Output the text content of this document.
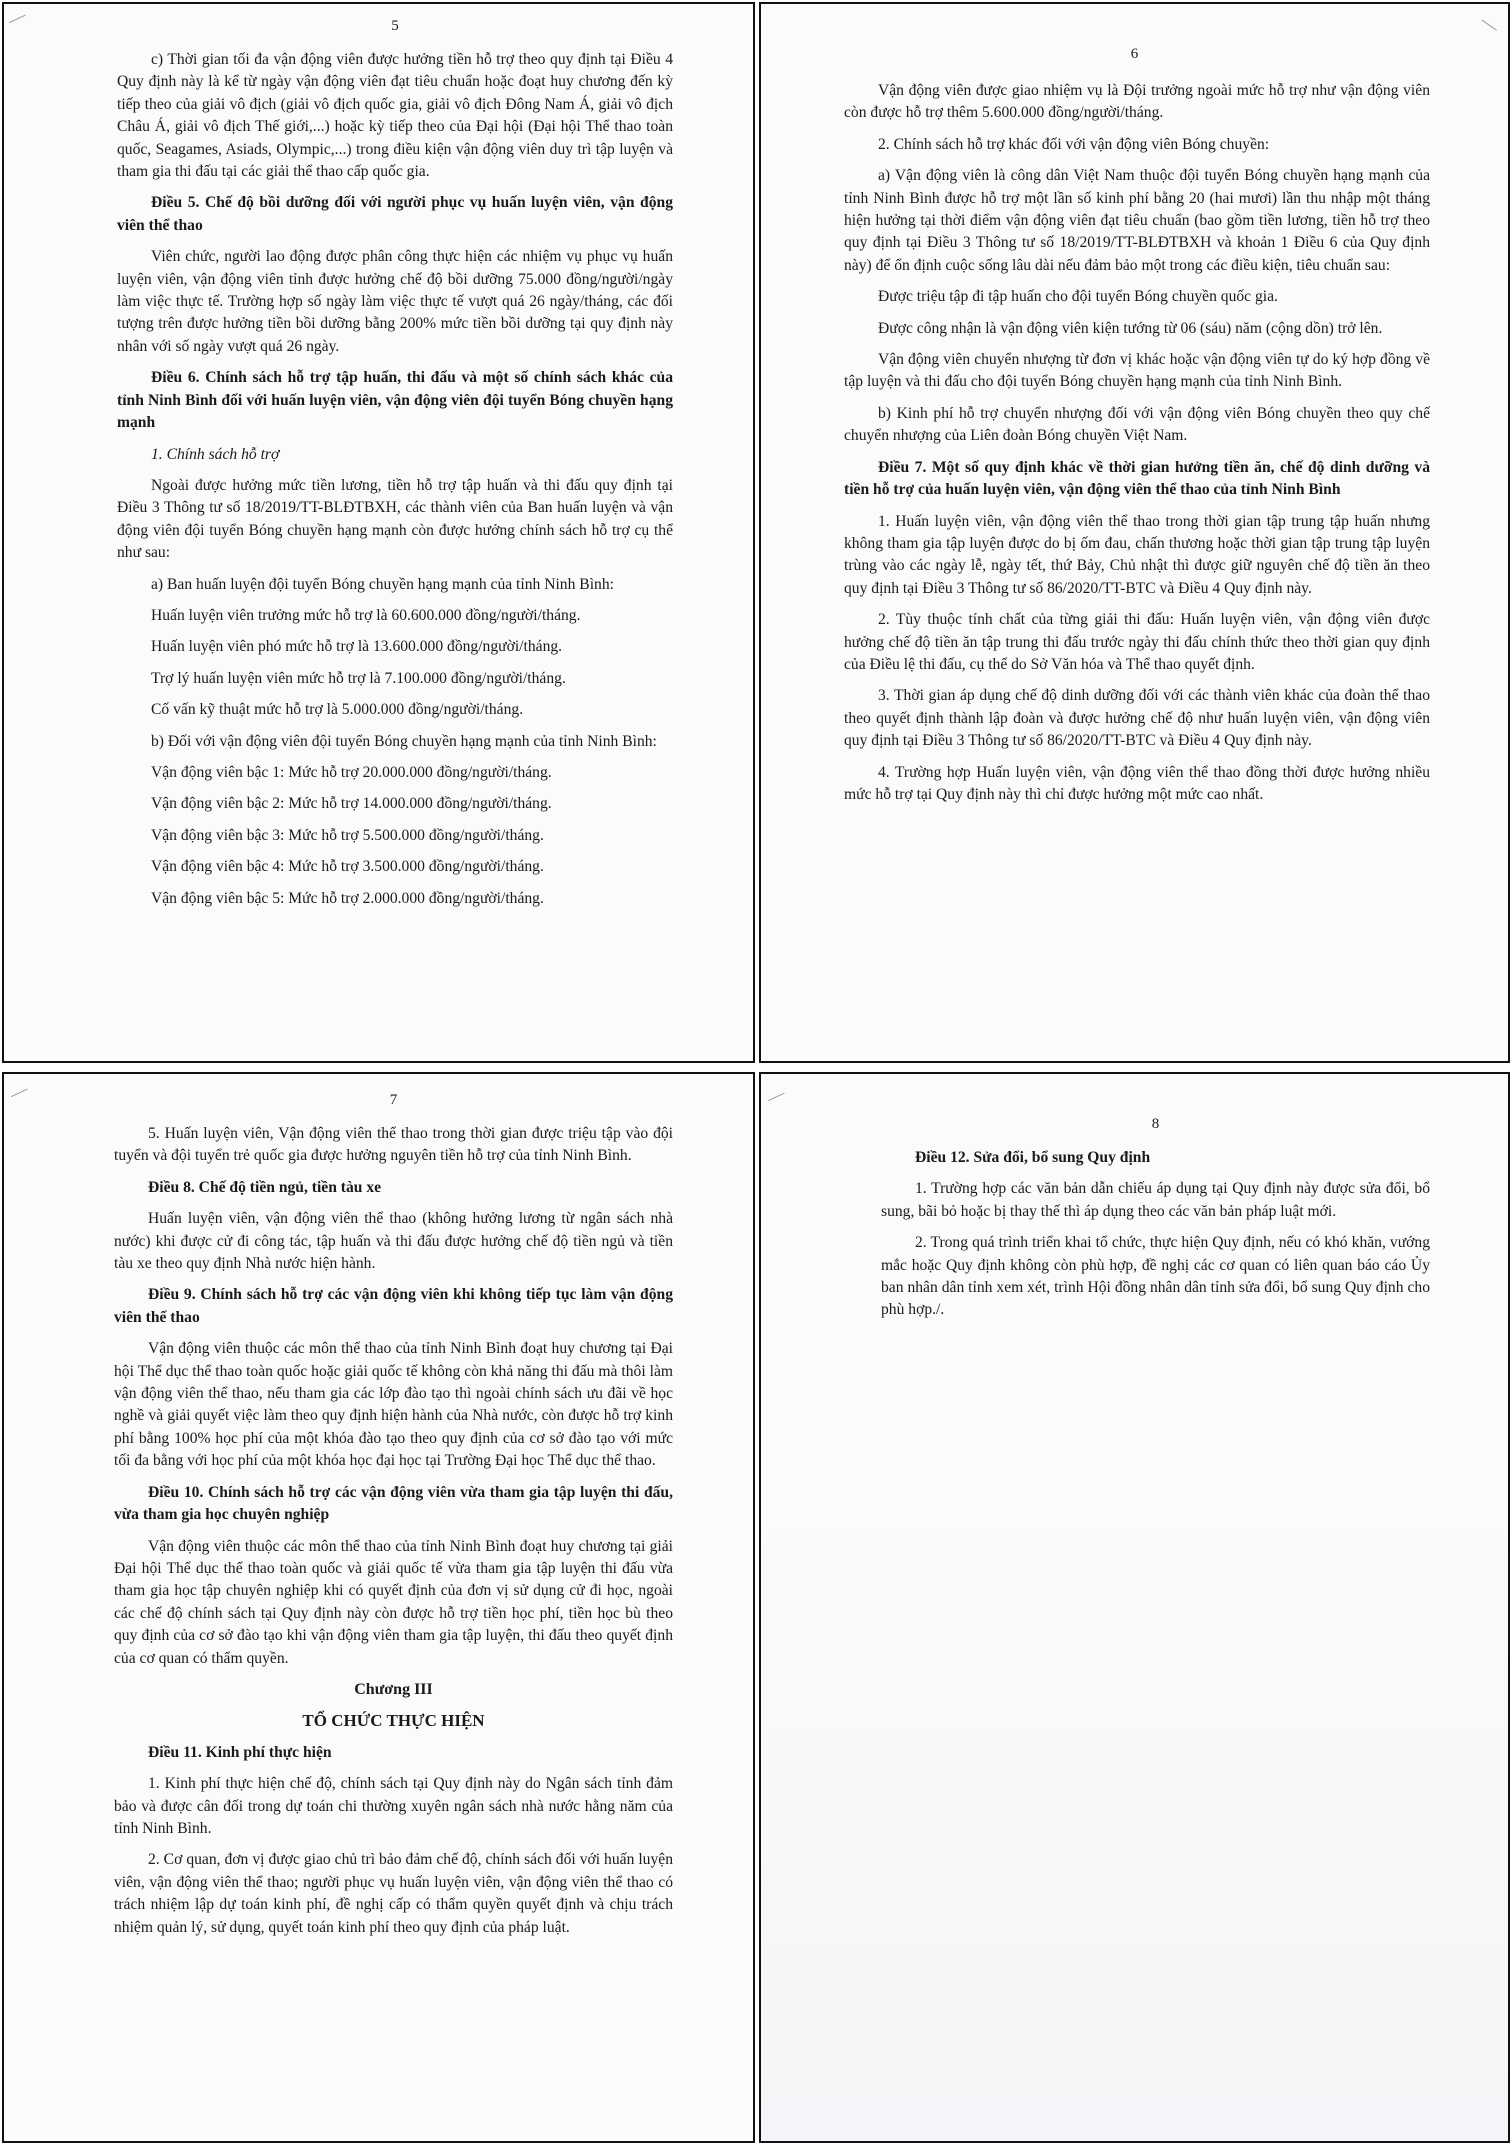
5

c) Thời gian tối đa vận động viên được hưởng tiền hỗ trợ theo quy định tại Điều 4 Quy định này là kể từ ngày vận động viên đạt tiêu chuẩn hoặc đoạt huy chương đến kỳ tiếp theo của giải vô địch (giải vô địch quốc gia, giải vô địch Đông Nam Á, giải vô địch Châu Á, giải vô địch Thế giới,...) hoặc kỳ tiếp theo của Đại hội (Đại hội Thể thao toàn quốc, Seagames, Asiads, Olympic,...) trong điều kiện vận động viên duy trì tập luyện và tham gia thi đấu tại các giải thể thao cấp quốc gia.

Điều 5. Chế độ bồi dưỡng đối với người phục vụ huấn luyện viên, vận động viên thể thao

Viên chức, người lao động được phân công thực hiện các nhiệm vụ phục vụ huấn luyện viên, vận động viên tỉnh được hưởng chế độ bồi dưỡng 75.000 đồng/người/ngày làm việc thực tế. Trường hợp số ngày làm việc thực tế vượt quá 26 ngày/tháng, các đối tượng trên được hưởng tiền bồi dưỡng bằng 200% mức tiền bồi dưỡng tại quy định này nhân với số ngày vượt quá 26 ngày.

Điều 6. Chính sách hỗ trợ tập huấn, thi đấu và một số chính sách khác của tỉnh Ninh Bình đối với huấn luyện viên, vận động viên đội tuyển Bóng chuyền hạng mạnh

1. Chính sách hỗ trợ

Ngoài được hưởng mức tiền lương, tiền hỗ trợ tập huấn và thi đấu quy định tại Điều 3 Thông tư số 18/2019/TT-BLĐTBXH, các thành viên của Ban huấn luyện và vận động viên đội tuyển Bóng chuyền hạng mạnh còn được hưởng chính sách hỗ trợ cụ thể như sau:

a) Ban huấn luyện đội tuyển Bóng chuyền hạng mạnh của tỉnh Ninh Bình:

Huấn luyện viên trưởng mức hỗ trợ là 60.600.000 đồng/người/tháng.

Huấn luyện viên phó mức hỗ trợ là 13.600.000 đồng/người/tháng.

Trợ lý huấn luyện viên mức hỗ trợ là 7.100.000 đồng/người/tháng.

Cố vấn kỹ thuật mức hỗ trợ là 5.000.000 đồng/người/tháng.

b) Đối với vận động viên đội tuyển Bóng chuyền hạng mạnh của tỉnh Ninh Bình:

Vận động viên bậc 1: Mức hỗ trợ 20.000.000 đồng/người/tháng.

Vận động viên bậc 2: Mức hỗ trợ 14.000.000 đồng/người/tháng.

Vận động viên bậc 3: Mức hỗ trợ 5.500.000 đồng/người/tháng.

Vận động viên bậc 4: Mức hỗ trợ 3.500.000 đồng/người/tháng.

Vận động viên bậc 5: Mức hỗ trợ 2.000.000 đồng/người/tháng.

6

Vận động viên được giao nhiệm vụ là Đội trưởng ngoài mức hỗ trợ như vận động viên còn được hỗ trợ thêm 5.600.000 đồng/người/tháng.

2. Chính sách hỗ trợ khác đối với vận động viên Bóng chuyền:

a) Vận động viên là công dân Việt Nam thuộc đội tuyển Bóng chuyền hạng mạnh của tỉnh Ninh Bình được hỗ trợ một lần số kinh phí bằng 20 (hai mươi) lần thu nhập một tháng hiện hưởng tại thời điểm vận động viên đạt tiêu chuẩn (bao gồm tiền lương, tiền hỗ trợ theo quy định tại Điều 3 Thông tư số 18/2019/TT-BLĐTBXH và khoản 1 Điều 6 của Quy định này) để ổn định cuộc sống lâu dài nếu đảm bảo một trong các điều kiện, tiêu chuẩn sau:

Được triệu tập đi tập huấn cho đội tuyển Bóng chuyền quốc gia.

Được công nhận là vận động viên kiện tướng từ 06 (sáu) năm (cộng dồn) trở lên.

Vận động viên chuyển nhượng từ đơn vị khác hoặc vận động viên tự do ký hợp đồng về tập luyện và thi đấu cho đội tuyển Bóng chuyền hạng mạnh của tỉnh Ninh Bình.

b) Kinh phí hỗ trợ chuyển nhượng đối với vận động viên Bóng chuyền theo quy chế chuyển nhượng của Liên đoàn Bóng chuyền Việt Nam.

Điều 7. Một số quy định khác về thời gian hưởng tiền ăn, chế độ dinh dưỡng và tiền hỗ trợ của huấn luyện viên, vận động viên thể thao của tỉnh Ninh Bình

1. Huấn luyện viên, vận động viên thể thao trong thời gian tập trung tập huấn nhưng không tham gia tập luyện được do bị ốm đau, chấn thương hoặc thời gian tập trung tập luyện trùng vào các ngày lễ, ngày tết, thứ Bảy, Chủ nhật thì được giữ nguyên chế độ tiền ăn theo quy định tại Điều 3 Thông tư số 86/2020/TT-BTC và Điều 4 Quy định này.

2. Tùy thuộc tính chất của từng giải thi đấu: Huấn luyện viên, vận động viên được hưởng chế độ tiền ăn tập trung thi đấu trước ngày thi đấu chính thức theo thời gian quy định của Điều lệ thi đấu, cụ thể do Sở Văn hóa và Thể thao quyết định.

3. Thời gian áp dụng chế độ dinh dưỡng đối với các thành viên khác của đoàn thể thao theo quyết định thành lập đoàn và được hưởng chế độ như huấn luyện viên, vận động viên quy định tại Điều 3 Thông tư số 86/2020/TT-BTC và Điều 4 Quy định này.

4. Trường hợp Huấn luyện viên, vận động viên thể thao đồng thời được hưởng nhiều mức hỗ trợ tại Quy định này thì chỉ được hưởng một mức cao nhất.

7

5. Huấn luyện viên, Vận động viên thể thao trong thời gian được triệu tập vào đội tuyển và đội tuyển trẻ quốc gia được hưởng nguyên tiền hỗ trợ của tỉnh Ninh Bình.

Điều 8. Chế độ tiền ngủ, tiền tàu xe

Huấn luyện viên, vận động viên thể thao (không hưởng lương từ ngân sách nhà nước) khi được cử đi công tác, tập huấn và thi đấu được hưởng chế độ tiền ngủ và tiền tàu xe theo quy định Nhà nước hiện hành.

Điều 9. Chính sách hỗ trợ các vận động viên khi không tiếp tục làm vận động viên thể thao

Vận động viên thuộc các môn thể thao của tỉnh Ninh Bình đoạt huy chương tại Đại hội Thể dục thể thao toàn quốc hoặc giải quốc tế không còn khả năng thi đấu mà thôi làm vận động viên thể thao, nếu tham gia các lớp đào tạo thì ngoài chính sách ưu đãi về học nghề và giải quyết việc làm theo quy định hiện hành của Nhà nước, còn được hỗ trợ kinh phí bằng 100% học phí của một khóa đào tạo theo quy định của cơ sở đào tạo với mức tối đa bằng với học phí của một khóa học đại học tại Trường Đại học Thể dục thể thao.

Điều 10. Chính sách hỗ trợ các vận động viên vừa tham gia tập luyện thi đấu, vừa tham gia học chuyên nghiệp

Vận động viên thuộc các môn thể thao của tỉnh Ninh Bình đoạt huy chương tại giải Đại hội Thể dục thể thao toàn quốc và giải quốc tế vừa tham gia tập luyện thi đấu vừa tham gia học tập chuyên nghiệp khi có quyết định của đơn vị sử dụng cử đi học, ngoài các chế độ chính sách tại Quy định này còn được hỗ trợ tiền học phí, tiền học bù theo quy định của cơ sở đào tạo khi vận động viên tham gia tập luyện, thi đấu theo quyết định của cơ quan có thẩm quyền.

Chương III

TỔ CHỨC THỰC HIỆN

Điều 11. Kinh phí thực hiện

1. Kinh phí thực hiện chế độ, chính sách tại Quy định này do Ngân sách tỉnh đảm bảo và được cân đối trong dự toán chi thường xuyên ngân sách nhà nước hằng năm của tỉnh Ninh Bình.

2. Cơ quan, đơn vị được giao chủ trì bảo đảm chế độ, chính sách đối với huấn luyện viên, vận động viên thể thao; người phục vụ huấn luyện viên, vận động viên thể thao có trách nhiệm lập dự toán kinh phí, đề nghị cấp có thẩm quyền quyết định và chịu trách nhiệm quản lý, sử dụng, quyết toán kinh phí theo quy định của pháp luật.

8

Điều 12. Sửa đổi, bổ sung Quy định

1. Trường hợp các văn bản dẫn chiếu áp dụng tại Quy định này được sửa đổi, bổ sung, bãi bỏ hoặc bị thay thế thì áp dụng theo các văn bản pháp luật mới.

2. Trong quá trình triển khai tổ chức, thực hiện Quy định, nếu có khó khăn, vướng mắc hoặc Quy định không còn phù hợp, đề nghị các cơ quan có liên quan báo cáo Ủy ban nhân dân tỉnh xem xét, trình Hội đồng nhân dân tỉnh sửa đổi, bổ sung Quy định cho phù hợp./.
